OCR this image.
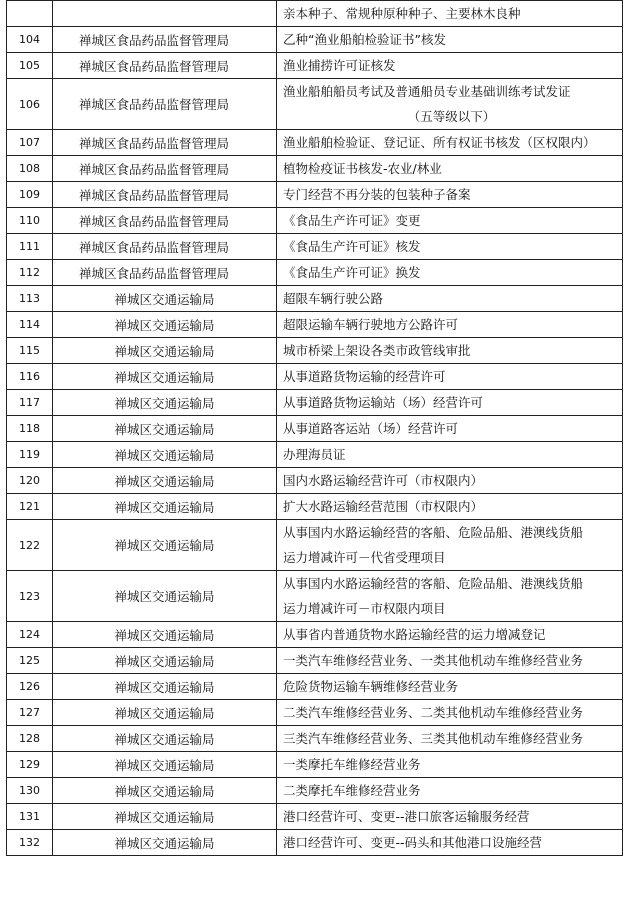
		亲本种子、常规种原种种子、主要林木良种

104	禅城区食品药品监督管理局	乙种“渔业船舶检验证书”核发

105	禅城区食品药品监督管理局	渔业捕捞许可证核发

106	禅城区食品药品监督管理局	渔业船舶船员考试及普通船员专业基础训练考试发证
（五等级以下）

107	禅城区食品药品监督管理局	渔业船舶检验证、登记证、所有权证书核发（区权限内）

108	禅城区食品药品监督管理局	植物检疫证书核发-农业/林业

109	禅城区食品药品监督管理局	专门经营不再分装的包装种子备案

110	禅城区食品药品监督管理局	《食品生产许可证》变更

111	禅城区食品药品监督管理局	《食品生产许可证》核发

112	禅城区食品药品监督管理局	《食品生产许可证》换发

113	禅城区交通运输局	超限车辆行驶公路

114	禅城区交通运输局	超限运输车辆行驶地方公路许可

115	禅城区交通运输局	城市桥梁上架设各类市政管线审批

116	禅城区交通运输局	从事道路货物运输的经营许可

117	禅城区交通运输局	从事道路货物运输站（场）经营许可

118	禅城区交通运输局	从事道路客运站（场）经营许可

119	禅城区交通运输局	办理海员证

120	禅城区交通运输局	国内水路运输经营许可（市权限内）

121	禅城区交通运输局	扩大水路运输经营范围（市权限内）

122	禅城区交通运输局	从事国内水路运输经营的客船、危险品船、港澳线货船
运力增减许可－代省受理项目

123	禅城区交通运输局	从事国内水路运输经营的客船、危险品船、港澳线货船
运力增减许可－市权限内项目

124	禅城区交通运输局	从事省内普通货物水路运输经营的运力增减登记

125	禅城区交通运输局	一类汽车维修经营业务、一类其他机动车维修经营业务

126	禅城区交通运输局	危险货物运输车辆维修经营业务

127	禅城区交通运输局	二类汽车维修经营业务、二类其他机动车维修经营业务

128	禅城区交通运输局	三类汽车维修经营业务、三类其他机动车维修经营业务

129	禅城区交通运输局	一类摩托车维修经营业务

130	禅城区交通运输局	二类摩托车维修经营业务

131	禅城区交通运输局	港口经营许可、变更--港口旅客运输服务经营

132	禅城区交通运输局	港口经营许可、变更--码头和其他港口设施经营
